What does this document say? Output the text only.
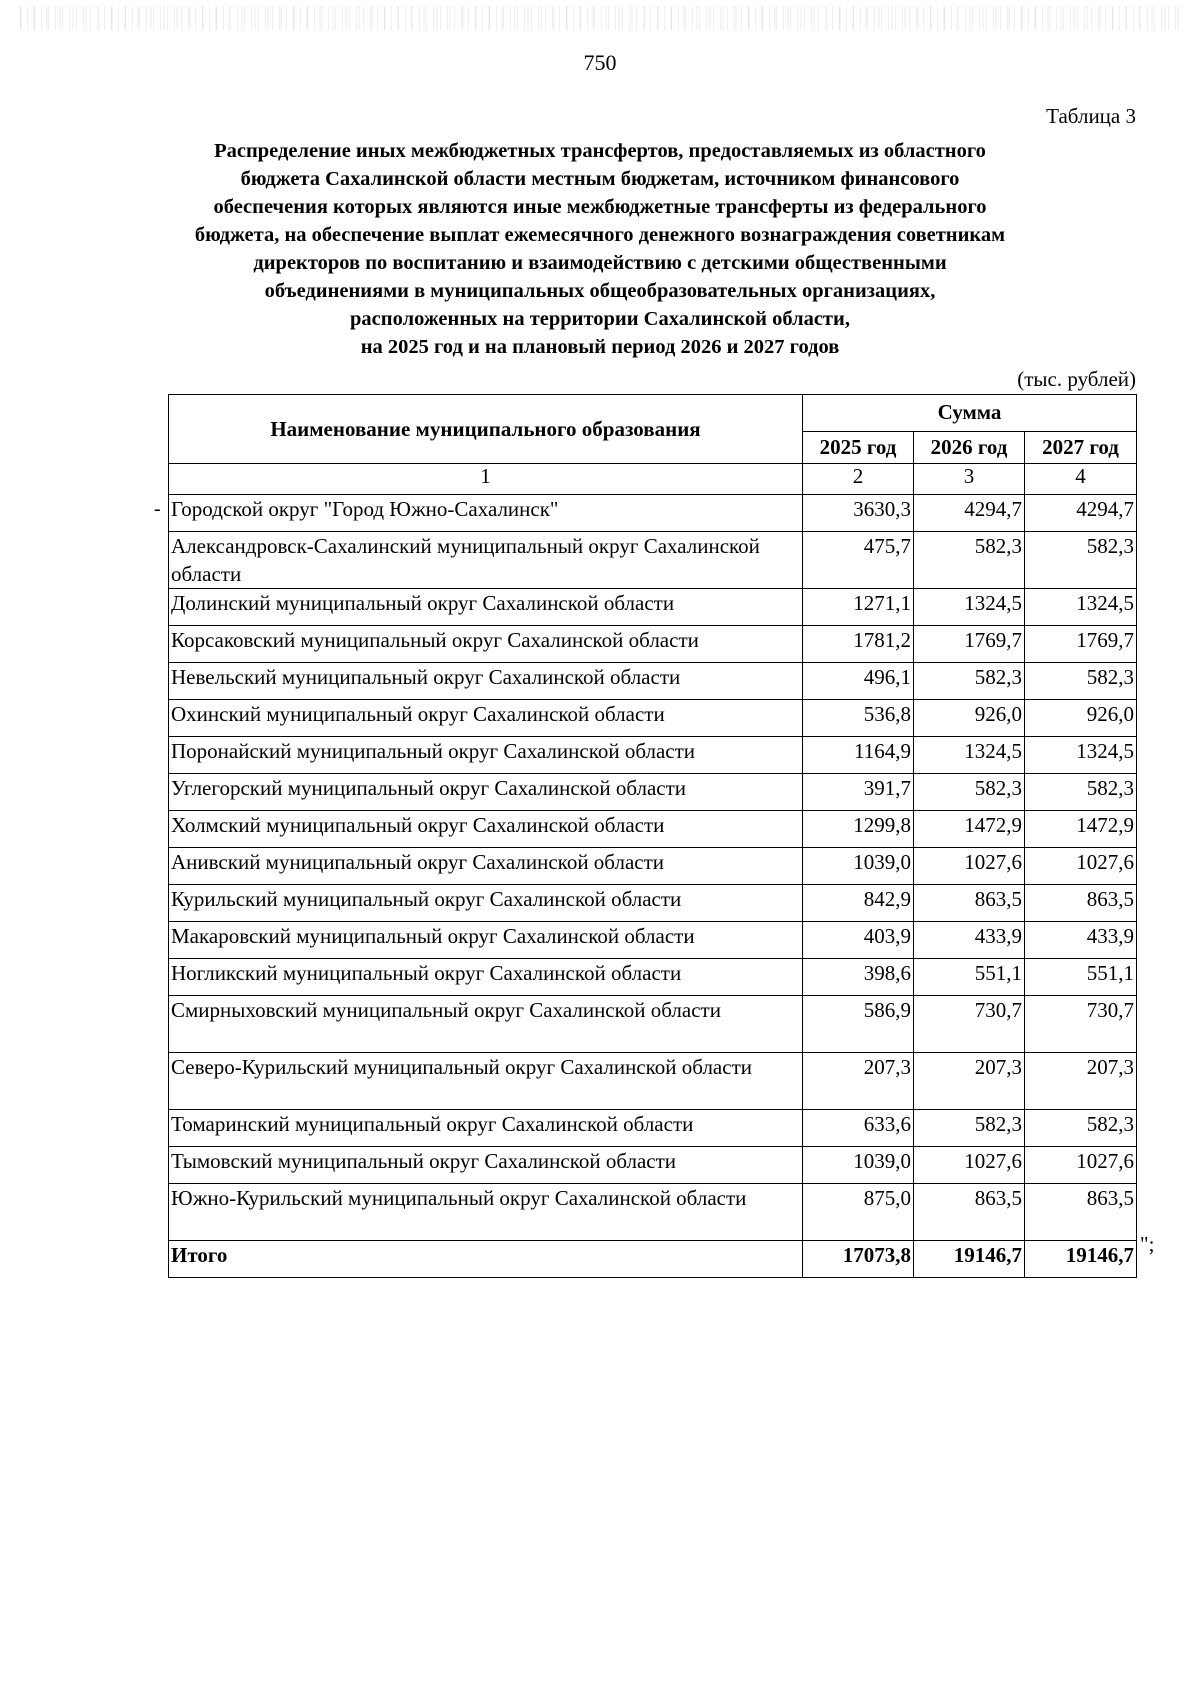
750
Таблица 3
Распределение иных межбюджетных трансфертов, предоставляемых из областного
бюджета Сахалинской области местным бюджетам, источником финансового
обеспечения которых являются иные межбюджетные трансферты из федерального
бюджета, на обеспечение выплат ежемесячного денежного вознаграждения советникам
директоров по воспитанию и взаимодействию с детскими общественными
объединениями в муниципальных общеобразовательных организациях,
расположенных на территории Сахалинской области,
на 2025 год и на плановый период 2026 и 2027 годов
(тыс. рублей)
-
Наименование муниципального образования	Сумма		
	2025 год	2026 год	2027 год
1	2	3	4
Городской округ "Город Южно-Сахалинск"	3630,3	4294,7	4294,7
Александровск-Сахалинский муниципальный округ Сахалинской области	475,7	582,3	582,3
Долинский муниципальный округ Сахалинской области	1271,1	1324,5	1324,5
Корсаковский муниципальный округ Сахалинской области	1781,2	1769,7	1769,7
Невельский муниципальный округ Сахалинской области	496,1	582,3	582,3
Охинский муниципальный округ Сахалинской области	536,8	926,0	926,0
Поронайский муниципальный округ Сахалинской области	1164,9	1324,5	1324,5
Углегорский муниципальный округ Сахалинской области	391,7	582,3	582,3
Холмский муниципальный округ Сахалинской области	1299,8	1472,9	1472,9
Анивский муниципальный округ Сахалинской области	1039,0	1027,6	1027,6
Курильский муниципальный округ Сахалинской области	842,9	863,5	863,5
Макаровский муниципальный округ Сахалинской области	403,9	433,9	433,9
Ногликский муниципальный округ Сахалинской области	398,6	551,1	551,1
Смирныховский муниципальный округ Сахалинской области	586,9	730,7	730,7
Северо-Курильский муниципальный округ Сахалинской области	207,3	207,3	207,3
Томаринский муниципальный округ Сахалинской области	633,6	582,3	582,3
Тымовский муниципальный округ Сахалинской области	1039,0	1027,6	1027,6
Южно-Курильский муниципальный округ Сахалинской области	875,0	863,5	863,5
Итого	17073,8	19146,7	19146,7 ";
